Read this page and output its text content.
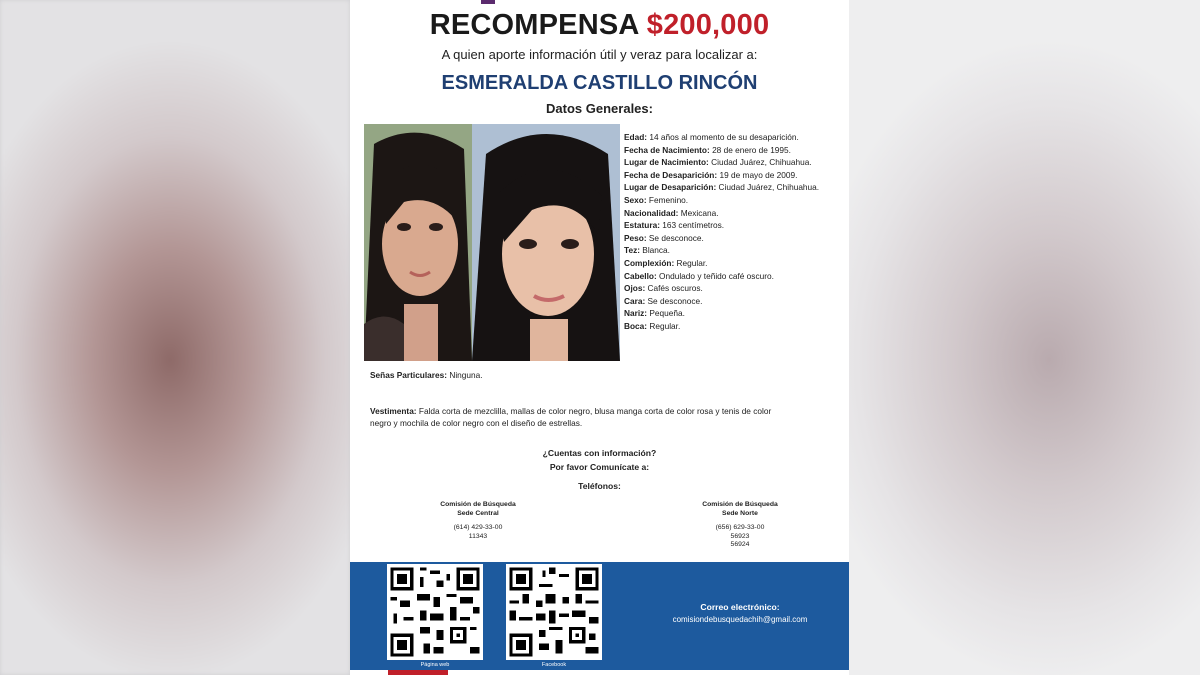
RECOMPENSA $200,000
A quien aporte información útil y veraz para localizar a:
ESMERALDA CASTILLO RINCÓN
Datos Generales:
Edad: 14 años al momento de su desaparición.
Fecha de Nacimiento: 28 de enero de 1995.
Lugar de Nacimiento: Ciudad Juárez, Chihuahua.
Fecha de Desaparición: 19 de mayo de 2009.
Lugar de Desaparición: Ciudad Juárez, Chihuahua.
Sexo: Femenino.
Nacionalidad: Mexicana.
Estatura: 163 centímetros.
Peso: Se desconoce.
Tez: Blanca.
Complexión: Regular.
Cabello: Ondulado y teñido café oscuro.
Ojos: Cafés oscuros.
Cara: Se desconoce.
Nariz: Pequeña.
Boca: Regular.
Señas Particulares: Ninguna.
Vestimenta: Falda corta de mezclilla, mallas de color negro, blusa manga corta de color rosa y tenis de color negro y mochila de color negro con el diseño de estrellas.
¿Cuentas con información?
Por favor Comunícate a:
Teléfonos:
Comisión de Búsqueda
Sede Central
(614) 429-33-00
11343
Comisión de Búsqueda
Sede Norte
(656) 629-33-00
56923
56924
Página web	Facebook
Correo electrónico:
comisiondebusquedachih@gmail.com
